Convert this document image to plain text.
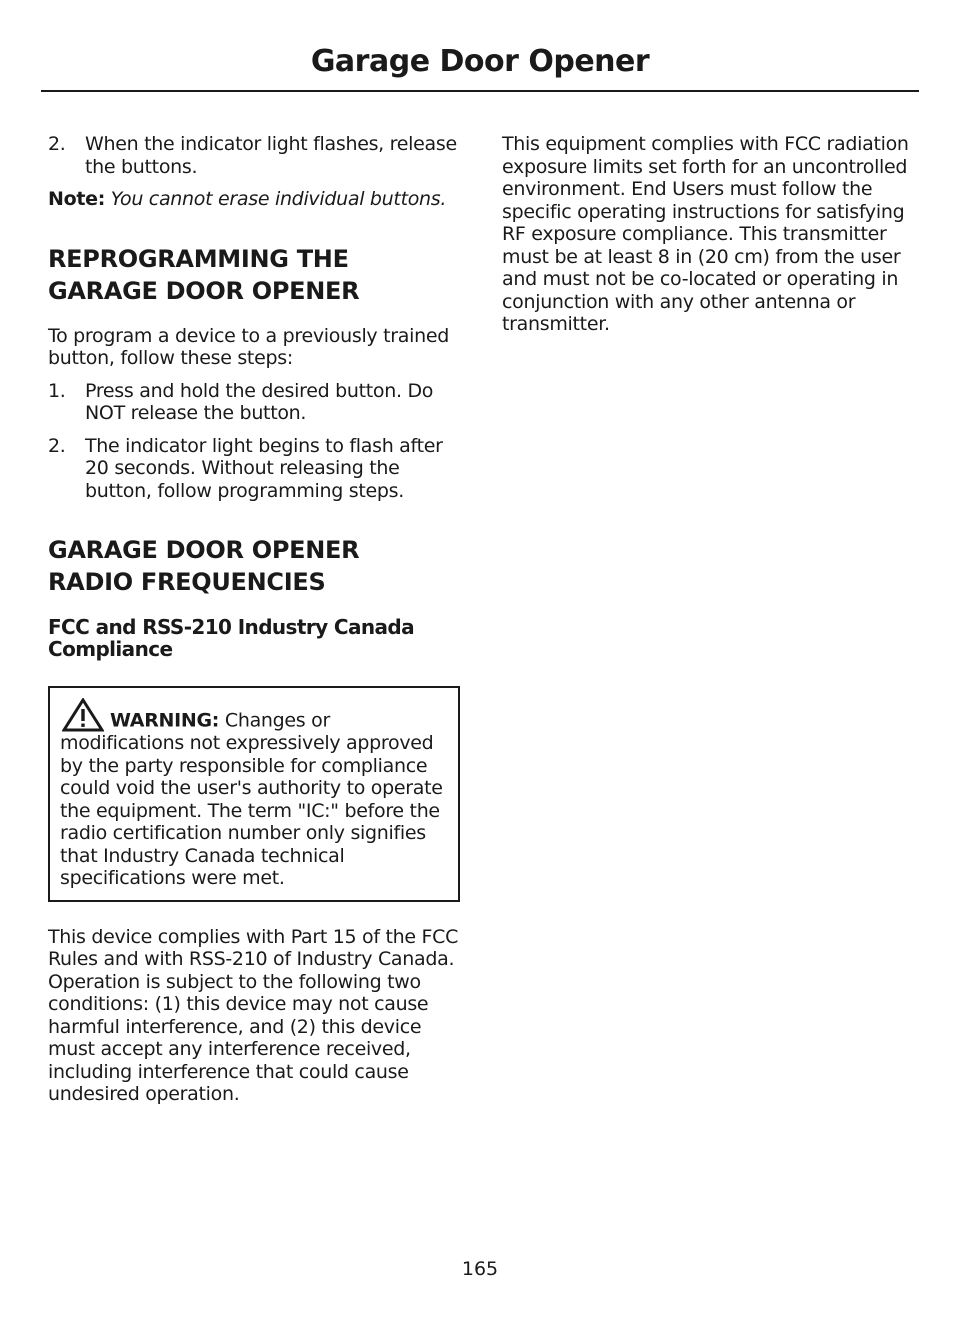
Garage Door Opener
2.	When the indicator light flashes, release the buttons.

Note: You cannot erase individual buttons.

REPROGRAMMING THE
GARAGE DOOR OPENER

To program a device to a previously trained button, follow these steps:

1.	Press and hold the desired button. Do NOT release the button.
2.	The indicator light begins to flash after 20 seconds. Without releasing the button, follow programming steps.
GARAGE DOOR OPENER
RADIO FREQUENCIES
FCC and RSS-210 Industry Canada Compliance
WARNING: Changes or modifications not expressively approved by the party responsible for compliance could void the user's authority to operate the equipment. The term "IC:" before the radio certification number only signifies that Industry Canada technical specifications were met.

This device complies with Part 15 of the FCC Rules and with RSS-210 of Industry Canada. Operation is subject to the following two conditions: (1) this device may not cause harmful interference, and (2) this device must accept any interference received, including interference that could cause undesired operation.

This equipment complies with FCC radiation exposure limits set forth for an uncontrolled environment. End Users must follow the specific operating instructions for satisfying RF exposure compliance. This transmitter must be at least 8 in (20 cm) from the user and must not be co-located or operating in conjunction with any other antenna or transmitter.

165
